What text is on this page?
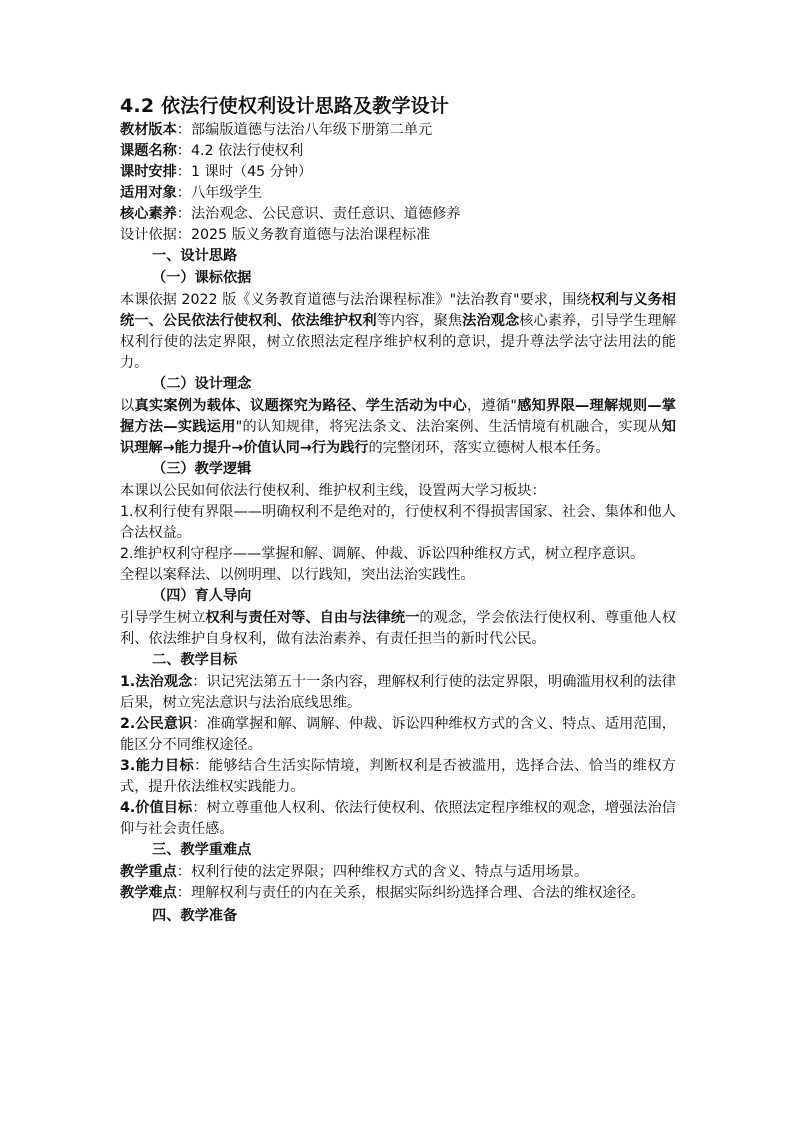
4.2 依法行使权利设计思路及教学设计
教材版本：部编版道德与法治八年级下册第二单元
课题名称：4.2 依法行使权利
课时安排：1 课时（45 分钟）
适用对象：八年级学生
核心素养：法治观念、公民意识、责任意识、道德修养
设计依据：2025 版义务教育道德与法治课程标准
一、设计思路
（一）课标依据

本课依据 2022 版《义务教育道德与法治课程标准》"法治教育"要求，围绕权利与义务相统一、公民依法行使权利、依法维护权利等内容，聚焦法治观念核心素养，引导学生理解权利行使的法定界限，树立依照法定程序维护权利的意识，提升尊法学法守法用法的能力。

（二）设计理念

以真实案例为载体、议题探究为路径、学生活动为中心，遵循"感知界限—理解规则—掌握方法—实践运用"的认知规律，将宪法条文、法治案例、生活情境有机融合，实现从知识理解→能力提升→价值认同→行为践行的完整闭环，落实立德树人根本任务。

（三）教学逻辑

本课以公民如何依法行使权利、维护权利主线，设置两大学习板块：

1.权利行使有界限——明确权利不是绝对的，行使权利不得损害国家、社会、集体和他人合法权益。

2.维护权利守程序——掌握和解、调解、仲裁、诉讼四种维权方式，树立程序意识。

全程以案释法、以例明理、以行践知，突出法治实践性。

（四）育人导向

引导学生树立权利与责任对等、自由与法律统一的观念，学会依法行使权利、尊重他人权利、依法维护自身权利，做有法治素养、有责任担当的新时代公民。

二、教学目标

1.法治观念：识记宪法第五十一条内容，理解权利行使的法定界限，明确滥用权利的法律后果，树立宪法意识与法治底线思维。

2.公民意识：准确掌握和解、调解、仲裁、诉讼四种维权方式的含义、特点、适用范围，能区分不同维权途径。

3.能力目标：能够结合生活实际情境，判断权利是否被滥用，选择合法、恰当的维权方式，提升依法维权实践能力。

4.价值目标：树立尊重他人权利、依法行使权利、依照法定程序维权的观念，增强法治信仰与社会责任感。

三、教学重难点

教学重点：权利行使的法定界限；四种维权方式的含义、特点与适用场景。

教学难点：理解权利与责任的内在关系，根据实际纠纷选择合理、合法的维权途径。

四、教学准备
